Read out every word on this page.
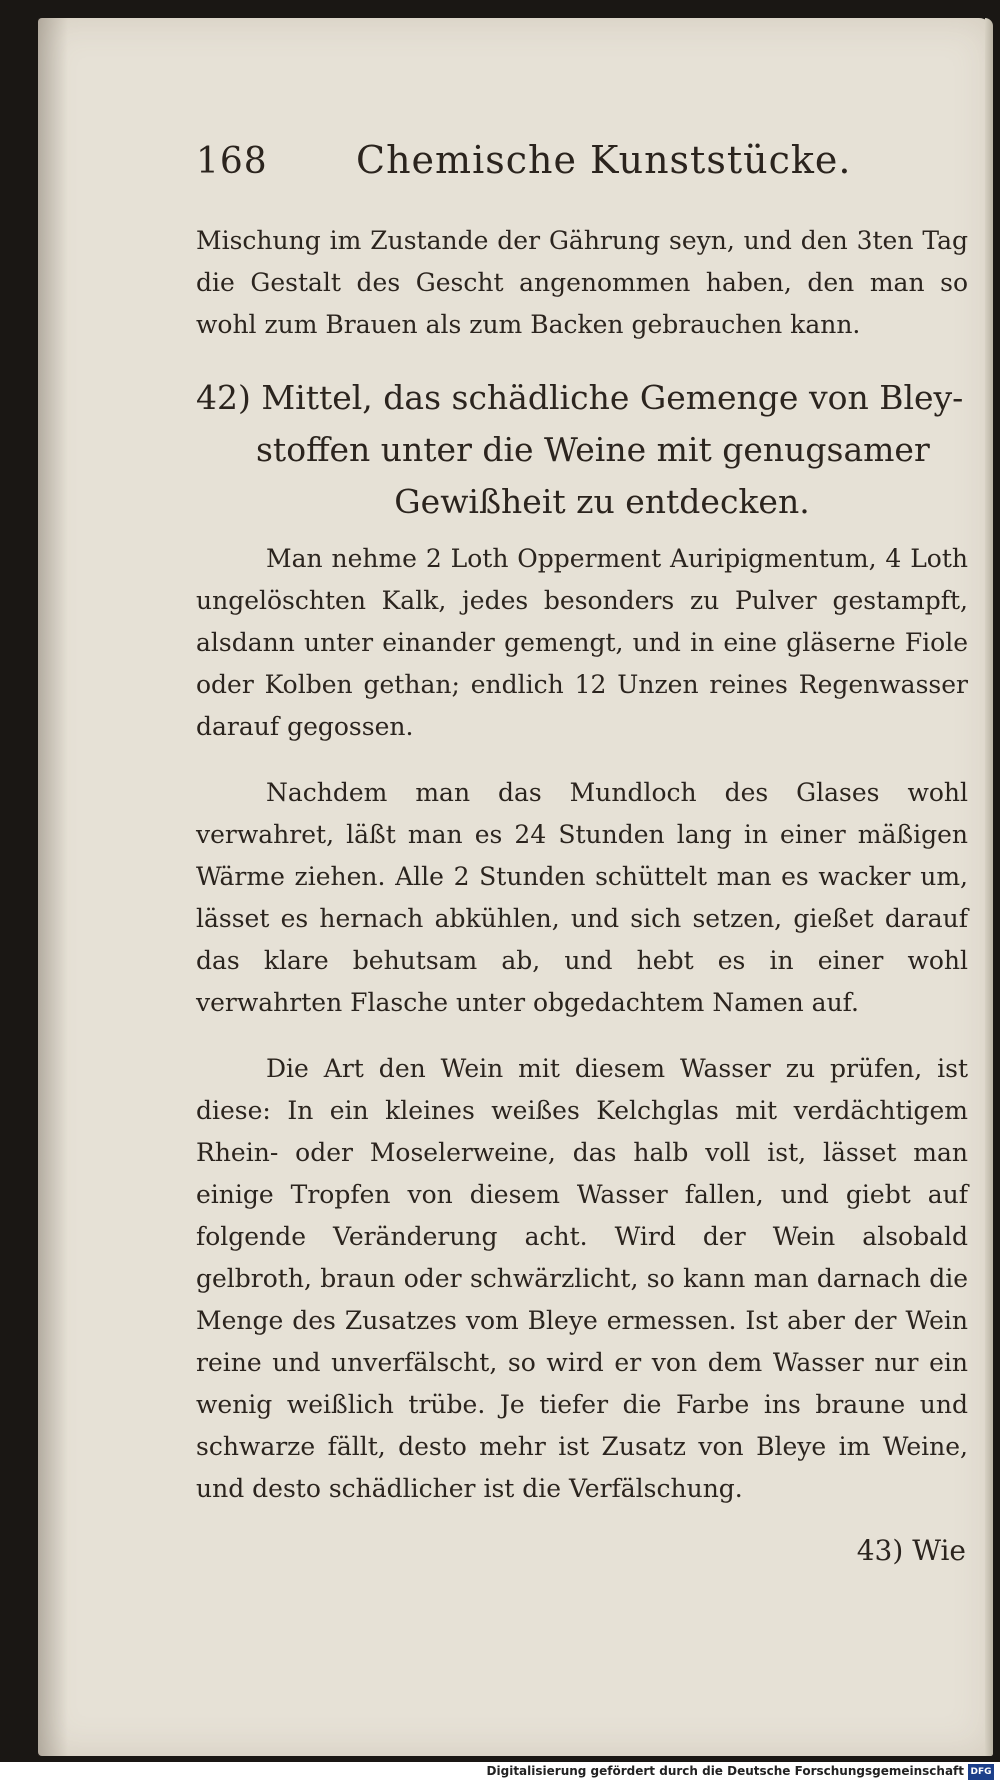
168	Chemische Kunststücke.

Mischung im Zustande der Gährung seyn, und den 3ten Tag die Gestalt des Gescht angenommen haben, den man so wohl zum Brauen als zum Backen gebrauchen kann.

42) Mittel, das schädliche Gemenge von Bley-
stoffen unter die Weine mit genugsamer
Gewißheit zu entdecken.

Man nehme 2 Loth Opperment Auripigmentum, 4 Loth ungelöschten Kalk, jedes besonders zu Pulver gestampft, alsdann unter einander gemengt, und in eine gläserne Fiole oder Kolben gethan; endlich 12 Unzen reines Regenwasser darauf gegossen.

Nachdem man das Mundloch des Glases wohl verwahret, läßt man es 24 Stunden lang in einer mäßigen Wärme ziehen. Alle 2 Stunden schüttelt man es wacker um, lässet es hernach abkühlen, und sich setzen, gießet darauf das klare behutsam ab, und hebt es in einer wohl verwahrten Flasche unter obgedachtem Namen auf.

Die Art den Wein mit diesem Wasser zu prüfen, ist diese: In ein kleines weißes Kelchglas mit verdächtigem Rhein- oder Moselerweine, das halb voll ist, lässet man einige Tropfen von diesem Wasser fallen, und giebt auf folgende Veränderung acht. Wird der Wein alsobald gelbroth, braun oder schwärzlicht, so kann man darnach die Menge des Zusatzes vom Bleye ermessen. Ist aber der Wein reine und unverfälscht, so wird er von dem Wasser nur ein wenig weißlich trübe. Je tiefer die Farbe ins braune und schwarze fällt, desto mehr ist Zusatz von Bleye im Weine, und desto schädlicher ist die Verfälschung.

43) Wie
Digitalisierung gefördert durch die Deutsche Forschungsgemeinschaft DFG
